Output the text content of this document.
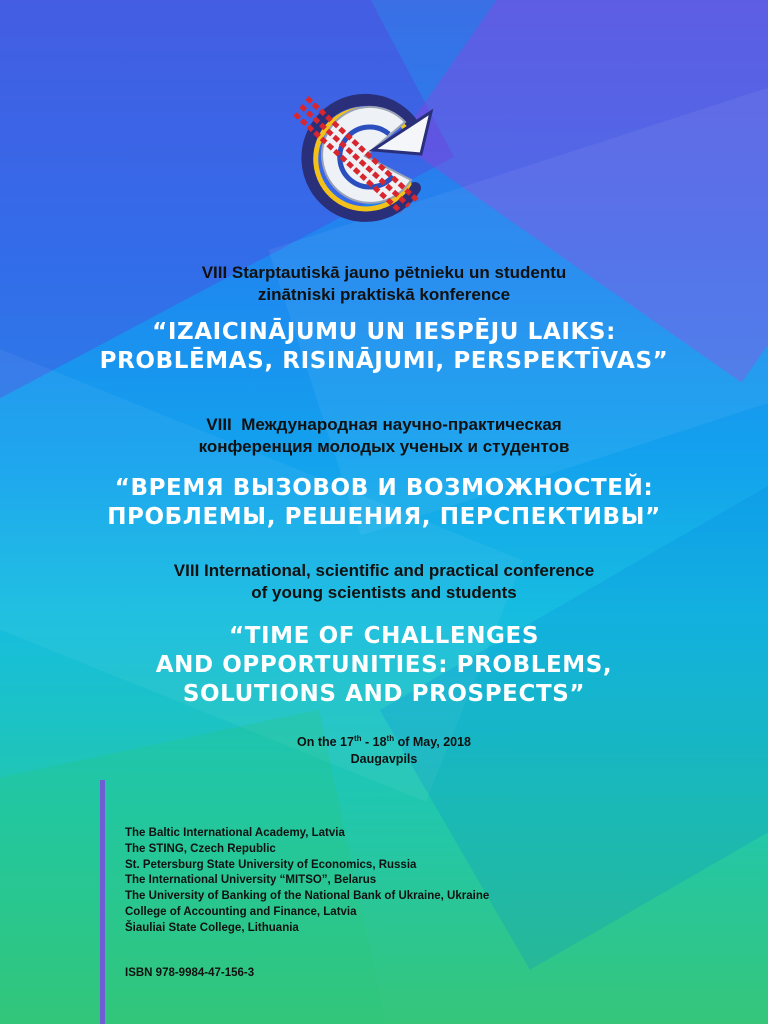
VIII Starptautiskā jauno pētnieku un studentu
zinātniski praktiskā konference
“IZAICINĀJUMU UN IESPĒJU LAIKS:
PROBLĒMAS, RISINĀJUMI, PERSPEKTĪVAS”
VIII  Международная научно-практическая
конференция молодых ученых и студентов
“ВРЕМЯ ВЫЗОВОВ И ВОЗМОЖНОСТЕЙ:
ПРОБЛЕМЫ, РЕШЕНИЯ, ПЕРСПЕКТИВЫ”
VIII International, scientific and practical conference
of young scientists and students
“TIME OF CHALLENGES
AND OPPORTUNITIES: PROBLEMS,
SOLUTIONS AND PROSPECTS”
On the 17th - 18th of May, 2018
Daugavpils
The Baltic International Academy, Latvia
The STING, Czech Republic
St. Petersburg State University of Economics, Russia
The International University “MITSO”, Belarus
The University of Banking of the National Bank of Ukraine, Ukraine
College of Accounting and Finance, Latvia
Šiauliai State College, Lithuania
ISBN 978-9984-47-156-3
